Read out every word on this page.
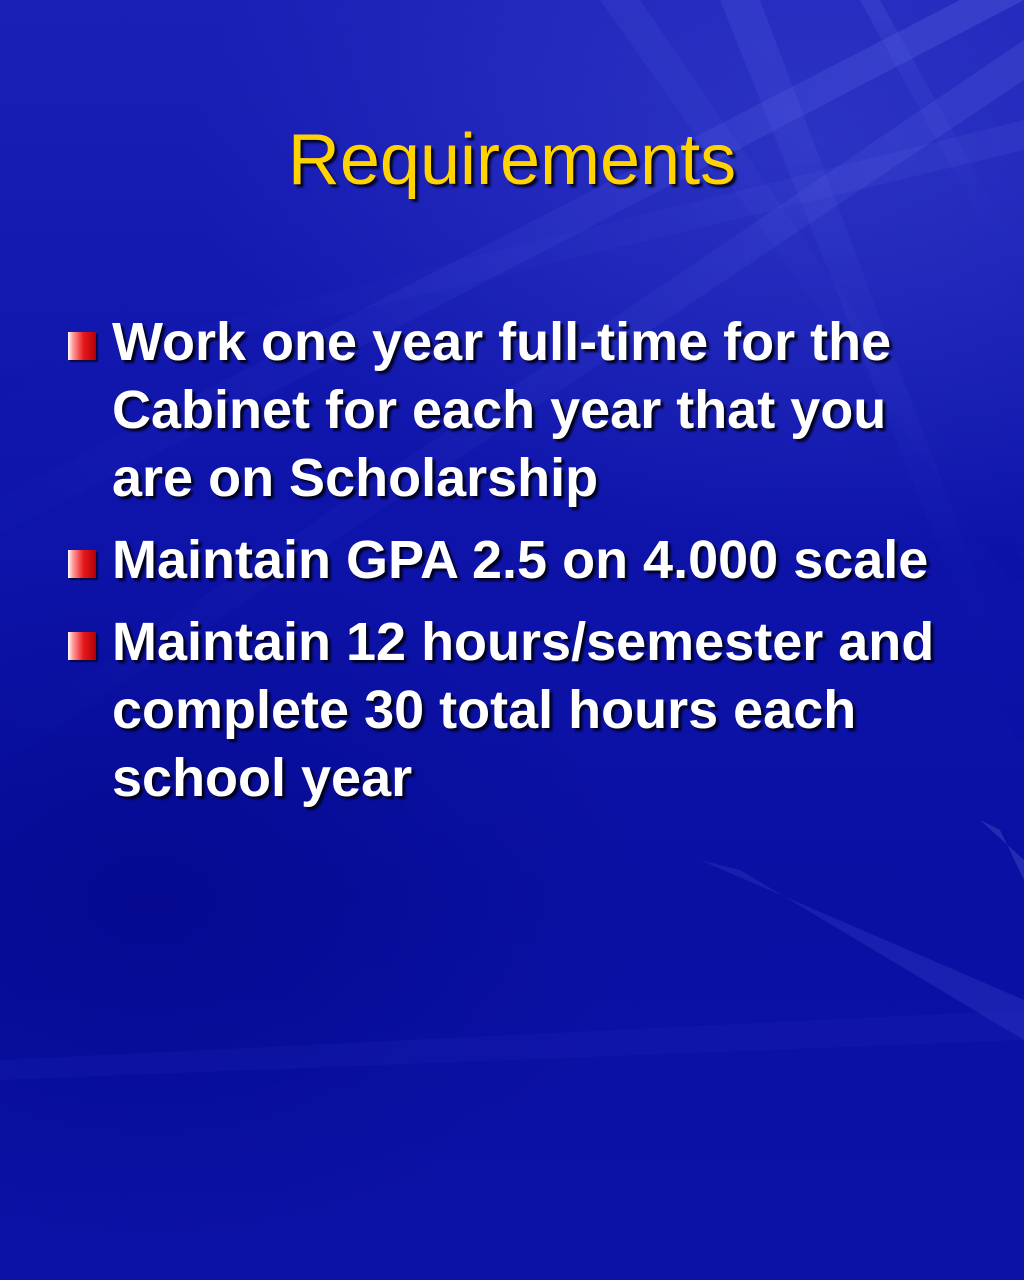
Requirements
Work one year full-time for the Cabinet for each year that you are on Scholarship
Maintain GPA 2.5 on 4.000 scale
Maintain 12 hours/semester and complete 30 total hours each school year
